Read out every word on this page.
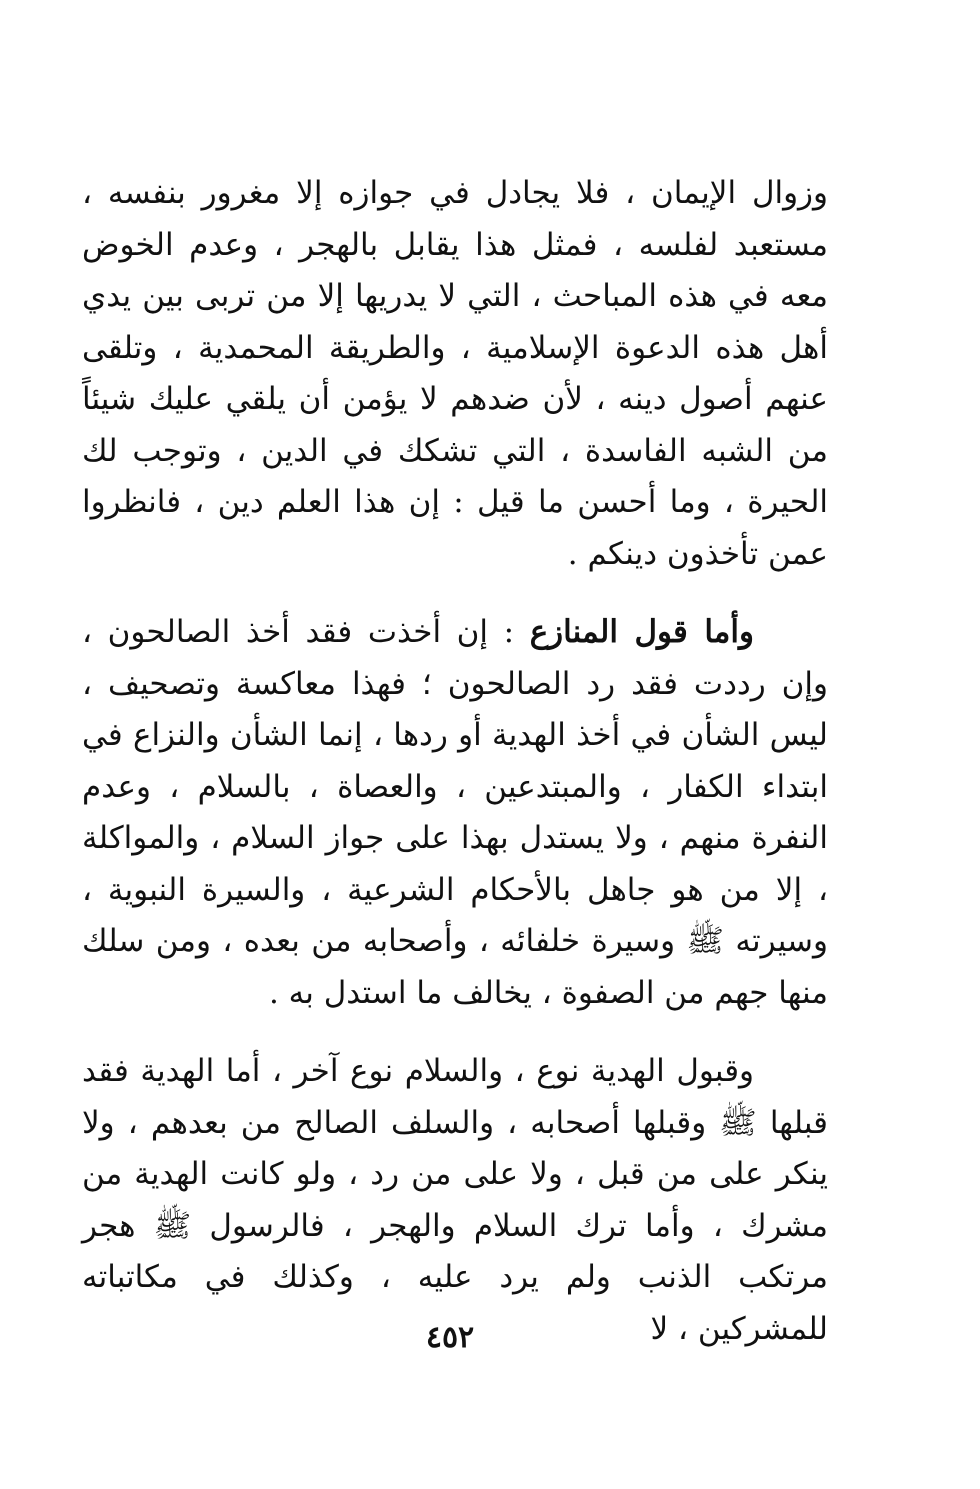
وزوال الإيمان ، فلا يجادل في جوازه إلا مغرور بنفسه ، مستعبد لفلسه ، فمثل هذا يقابل بالهجر ، وعدم الخوض معه في هذه المباحث ، التي لا يدريها إلا من تربى بين يدي أهل هذه الدعوة الإسلامية ، والطريقة المحمدية ، وتلقى عنهم أصول دينه ، لأن ضدهم لا يؤمن أن يلقي عليك شيئاً من الشبه الفاسدة ، التي تشكك في الدين ، وتوجب لك الحيرة ، وما أحسن ما قيل : إن هذا العلم دين ، فانظروا عمن تأخذون دينكم .

وأما قول المنازع : إن أخذت فقد أخذ الصالحون ، وإن رددت فقد رد الصالحون ؛ فهذا معاكسة وتصحيف ، ليس الشأن في أخذ الهدية أو ردها ، إنما الشأن والنزاع في ابتداء الكفار ، والمبتدعين ، والعصاة ، بالسلام ، وعدم النفرة منهم ، ولا يستدل بهذا على جواز السلام ، والمواكلة ، إلا من هو جاهل بالأحكام الشرعية ، والسيرة النبوية ، وسيرته ﷺ وسيرة خلفائه ، وأصحابه من بعده ، ومن سلك منها جهم من الصفوة ، يخالف ما استدل به .

وقبول الهدية نوع ، والسلام نوع آخر ، أما الهدية فقد قبلها ﷺ وقبلها أصحابه ، والسلف الصالح من بعدهم ، ولا ينكر على من قبل ، ولا على من رد ، ولو كانت الهدية من مشرك ، وأما ترك السلام والهجر ، فالرسول ﷺ هجر مرتكب الذنب ولم يرد عليه ، وكذلك في مكاتباته للمشركين ، لا

٤٥٢
